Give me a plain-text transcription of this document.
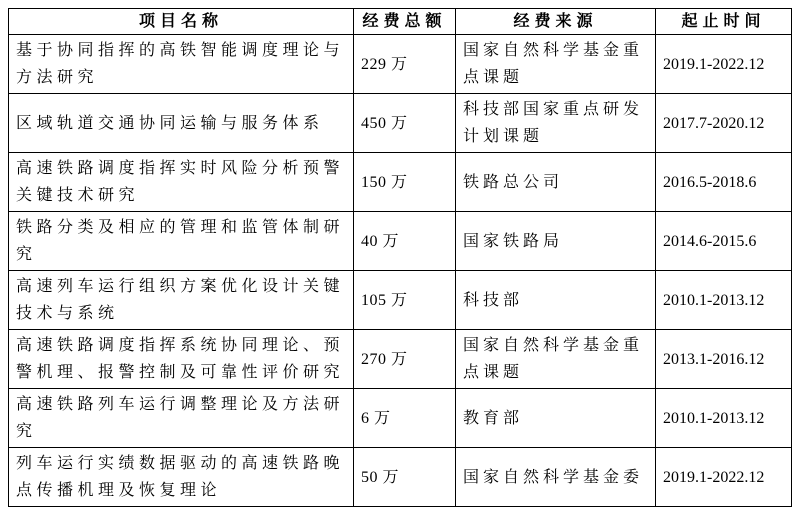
项目名称	经费总额	经费来源	起止时间
基于协同指挥的高铁智能调度理论与方法研究	229 万	国家自然科学基金重点课题	2019.1-2022.12
区域轨道交通协同运输与服务体系	450 万	科技部国家重点研发计划课题	2017.7-2020.12
高速铁路调度指挥实时风险分析预警关键技术研究	150 万	铁路总公司	2016.5-2018.6
铁路分类及相应的管理和监管体制研究	40 万	国家铁路局	2014.6-2015.6
高速列车运行组织方案优化设计关键技术与系统	105 万	科技部	2010.1-2013.12
高速铁路调度指挥系统协同理论、预警机理、报警控制及可靠性评价研究	270 万	国家自然科学基金重点课题	2013.1-2016.12
高速铁路列车运行调整理论及方法研究	6 万	教育部	2010.1-2013.12
列车运行实绩数据驱动的高速铁路晚点传播机理及恢复理论	50 万	国家自然科学基金委	2019.1-2022.12
